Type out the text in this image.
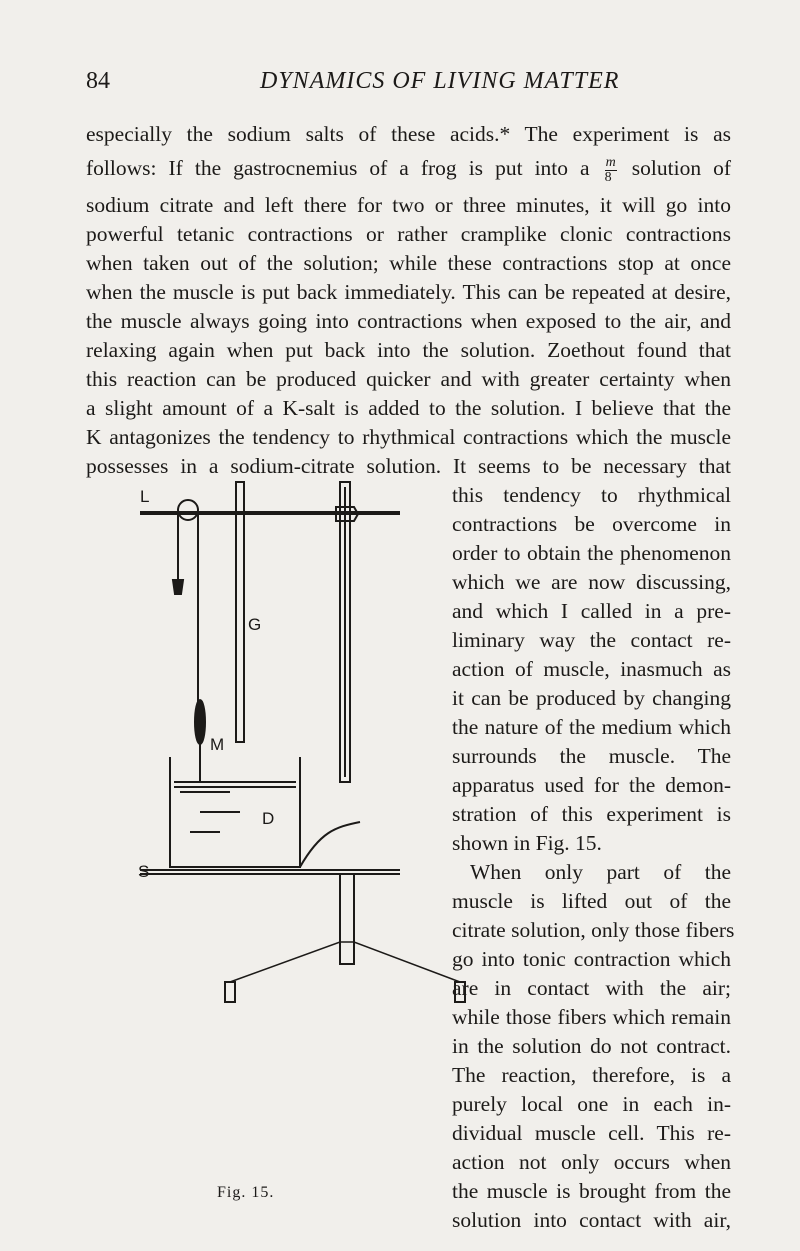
84	DYNAMICS OF LIVING MATTER
especially the sodium salts of these acids.* The experiment is as
follows: If the gastrocnemius of a frog is put into a $\frac{m}{8}$ solution of
sodium citrate and left there for two or three minutes, it will go into
powerful tetanic contractions or rather cramplike clonic contractions
when taken out of the solution; while these contractions stop at once
when the muscle is put back immediately. This can be repeated at desire,
the muscle always going into contractions when exposed to the air, and
relaxing again when put back into the solution. Zoethout found that
this reaction can be produced quicker and with greater certainty when
a slight amount of a K-salt is added to the solution. I believe that the
K antagonizes the tendency to rhythmical contractions which the muscle
possesses in a sodium-citrate solution. It seems to be necessary that
this tendency to rhythmical
contractions be overcome in
order to obtain the phenomenon
which we are now discussing,
and which I called in a pre-
liminary way the contact re-
action of muscle, inasmuch as
it can be produced by changing
the nature of the medium which
surrounds the muscle. The
apparatus used for the demon-
stration of this experiment is
shown in Fig. 15.
When only part of the
muscle is lifted out of the
citrate solution, only those fibers
go into tonic contraction which
are in contact with the air;
while those fibers which remain
in the solution do not contract.
The reaction, therefore, is a
purely local one in each in-
dividual muscle cell. This re-
action not only occurs when
the muscle is brought from the
L
G
M
D
S
Fig. 15.
solution into contact with air,
